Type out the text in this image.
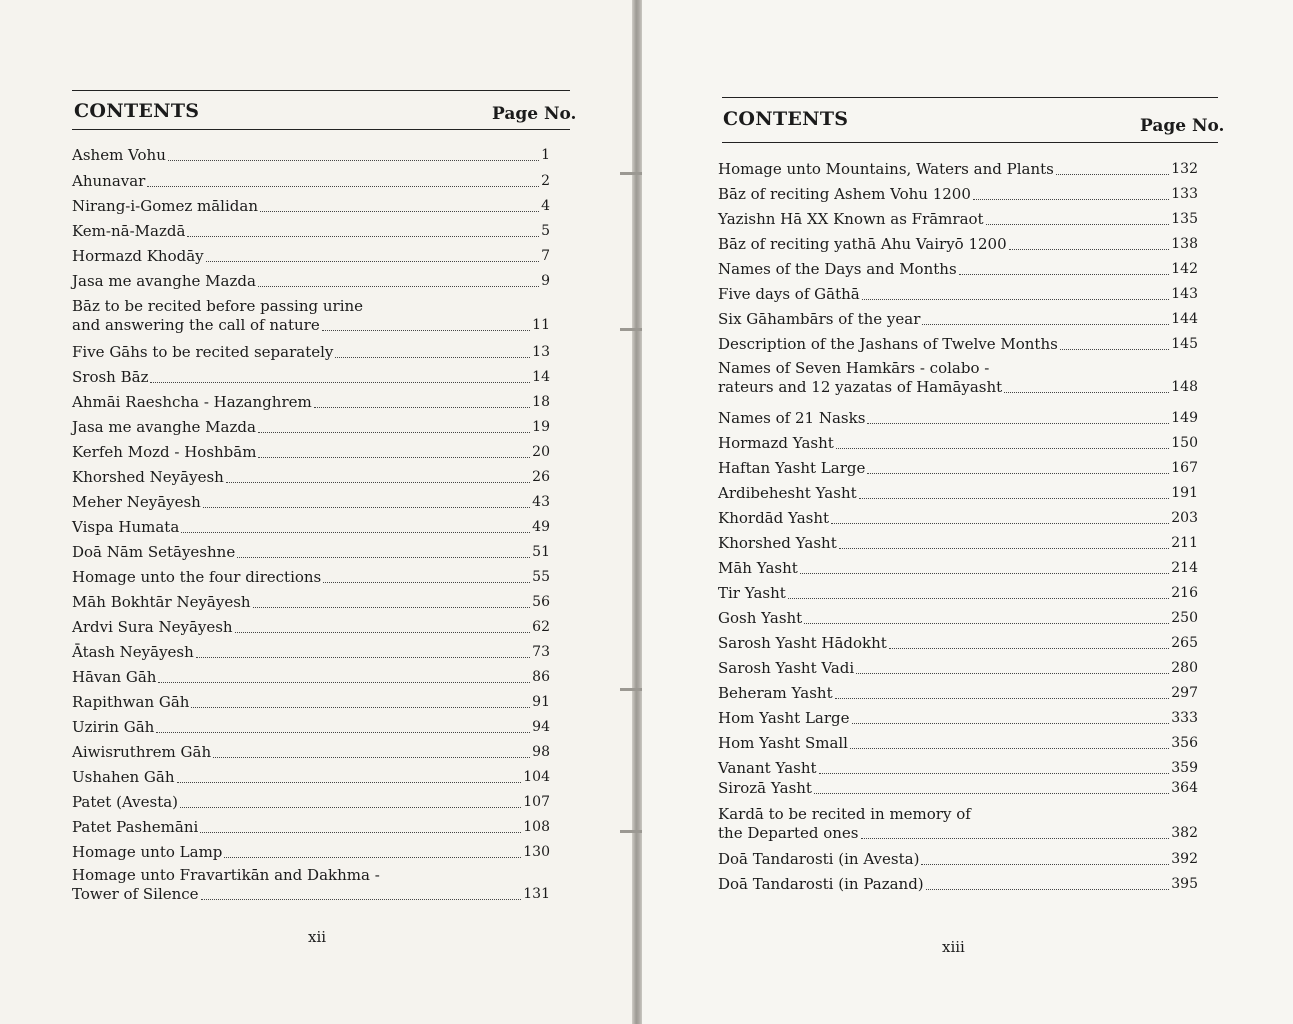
CONTENTS	Page No.
Ashem Vohu	1
Ahunavar	2
Nirang-i-Gomez mālidan	4
Kem-nā-Mazdā	5
Hormazd Khodāy	7
Jasa me avanghe Mazda	9
Bāz to be recited before passing urine
and answering the call of nature	11
Five Gāhs to be recited separately	13
Srosh Bāz	14
Ahmāi Raeshcha - Hazanghrem	18
Jasa me avanghe Mazda	19
Kerfeh Mozd - Hoshbām	20
Khorshed Neyāyesh	26
Meher Neyāyesh	43
Vispa Humata	49
Doā Nām Setāyeshne	51
Homage unto the four directions	55
Māh Bokhtār Neyāyesh	56
Ardvi Sura Neyāyesh	62
Ātash Neyāyesh	73
Hāvan Gāh	86
Rapithwan Gāh	91
Uzirin Gāh	94
Aiwisruthrem Gāh	98
Ushahen Gāh	104
Patet (Avesta)	107
Patet Pashemāni	108
Homage unto Lamp	130
Homage unto Fravartikān and Dakhma -
Tower of Silence	131
xii
CONTENTS	Page No.
Homage unto Mountains, Waters and Plants	132
Bāz of reciting Ashem Vohu 1200	133
Yazishn Hā XX Known as Frāmraot	135
Bāz of reciting yathā Ahu Vairyō 1200	138
Names of the Days and Months	142
Five days of Gāthā	143
Six Gāhambārs of the year	144
Description of the Jashans of Twelve Months	145
Names of Seven Hamkārs - colabo -
rateurs and 12 yazatas of Hamāyasht	148
Names of 21 Nasks	149
Hormazd Yasht	150
Haftan Yasht Large	167
Ardibehesht Yasht	191
Khordād Yasht	203
Khorshed Yasht	211
Māh Yasht	214
Tir Yasht	216
Gosh Yasht	250
Sarosh Yasht Hādokht	265
Sarosh Yasht Vadi	280
Beheram Yasht	297
Hom Yasht Large	333
Hom Yasht Small	356
Vanant Yasht	359
Sirozā Yasht	364
Kardā to be recited in memory of
the Departed ones	382
Doā Tandarosti (in Avesta)	392
Doā Tandarosti (in Pazand)	395
xiii
